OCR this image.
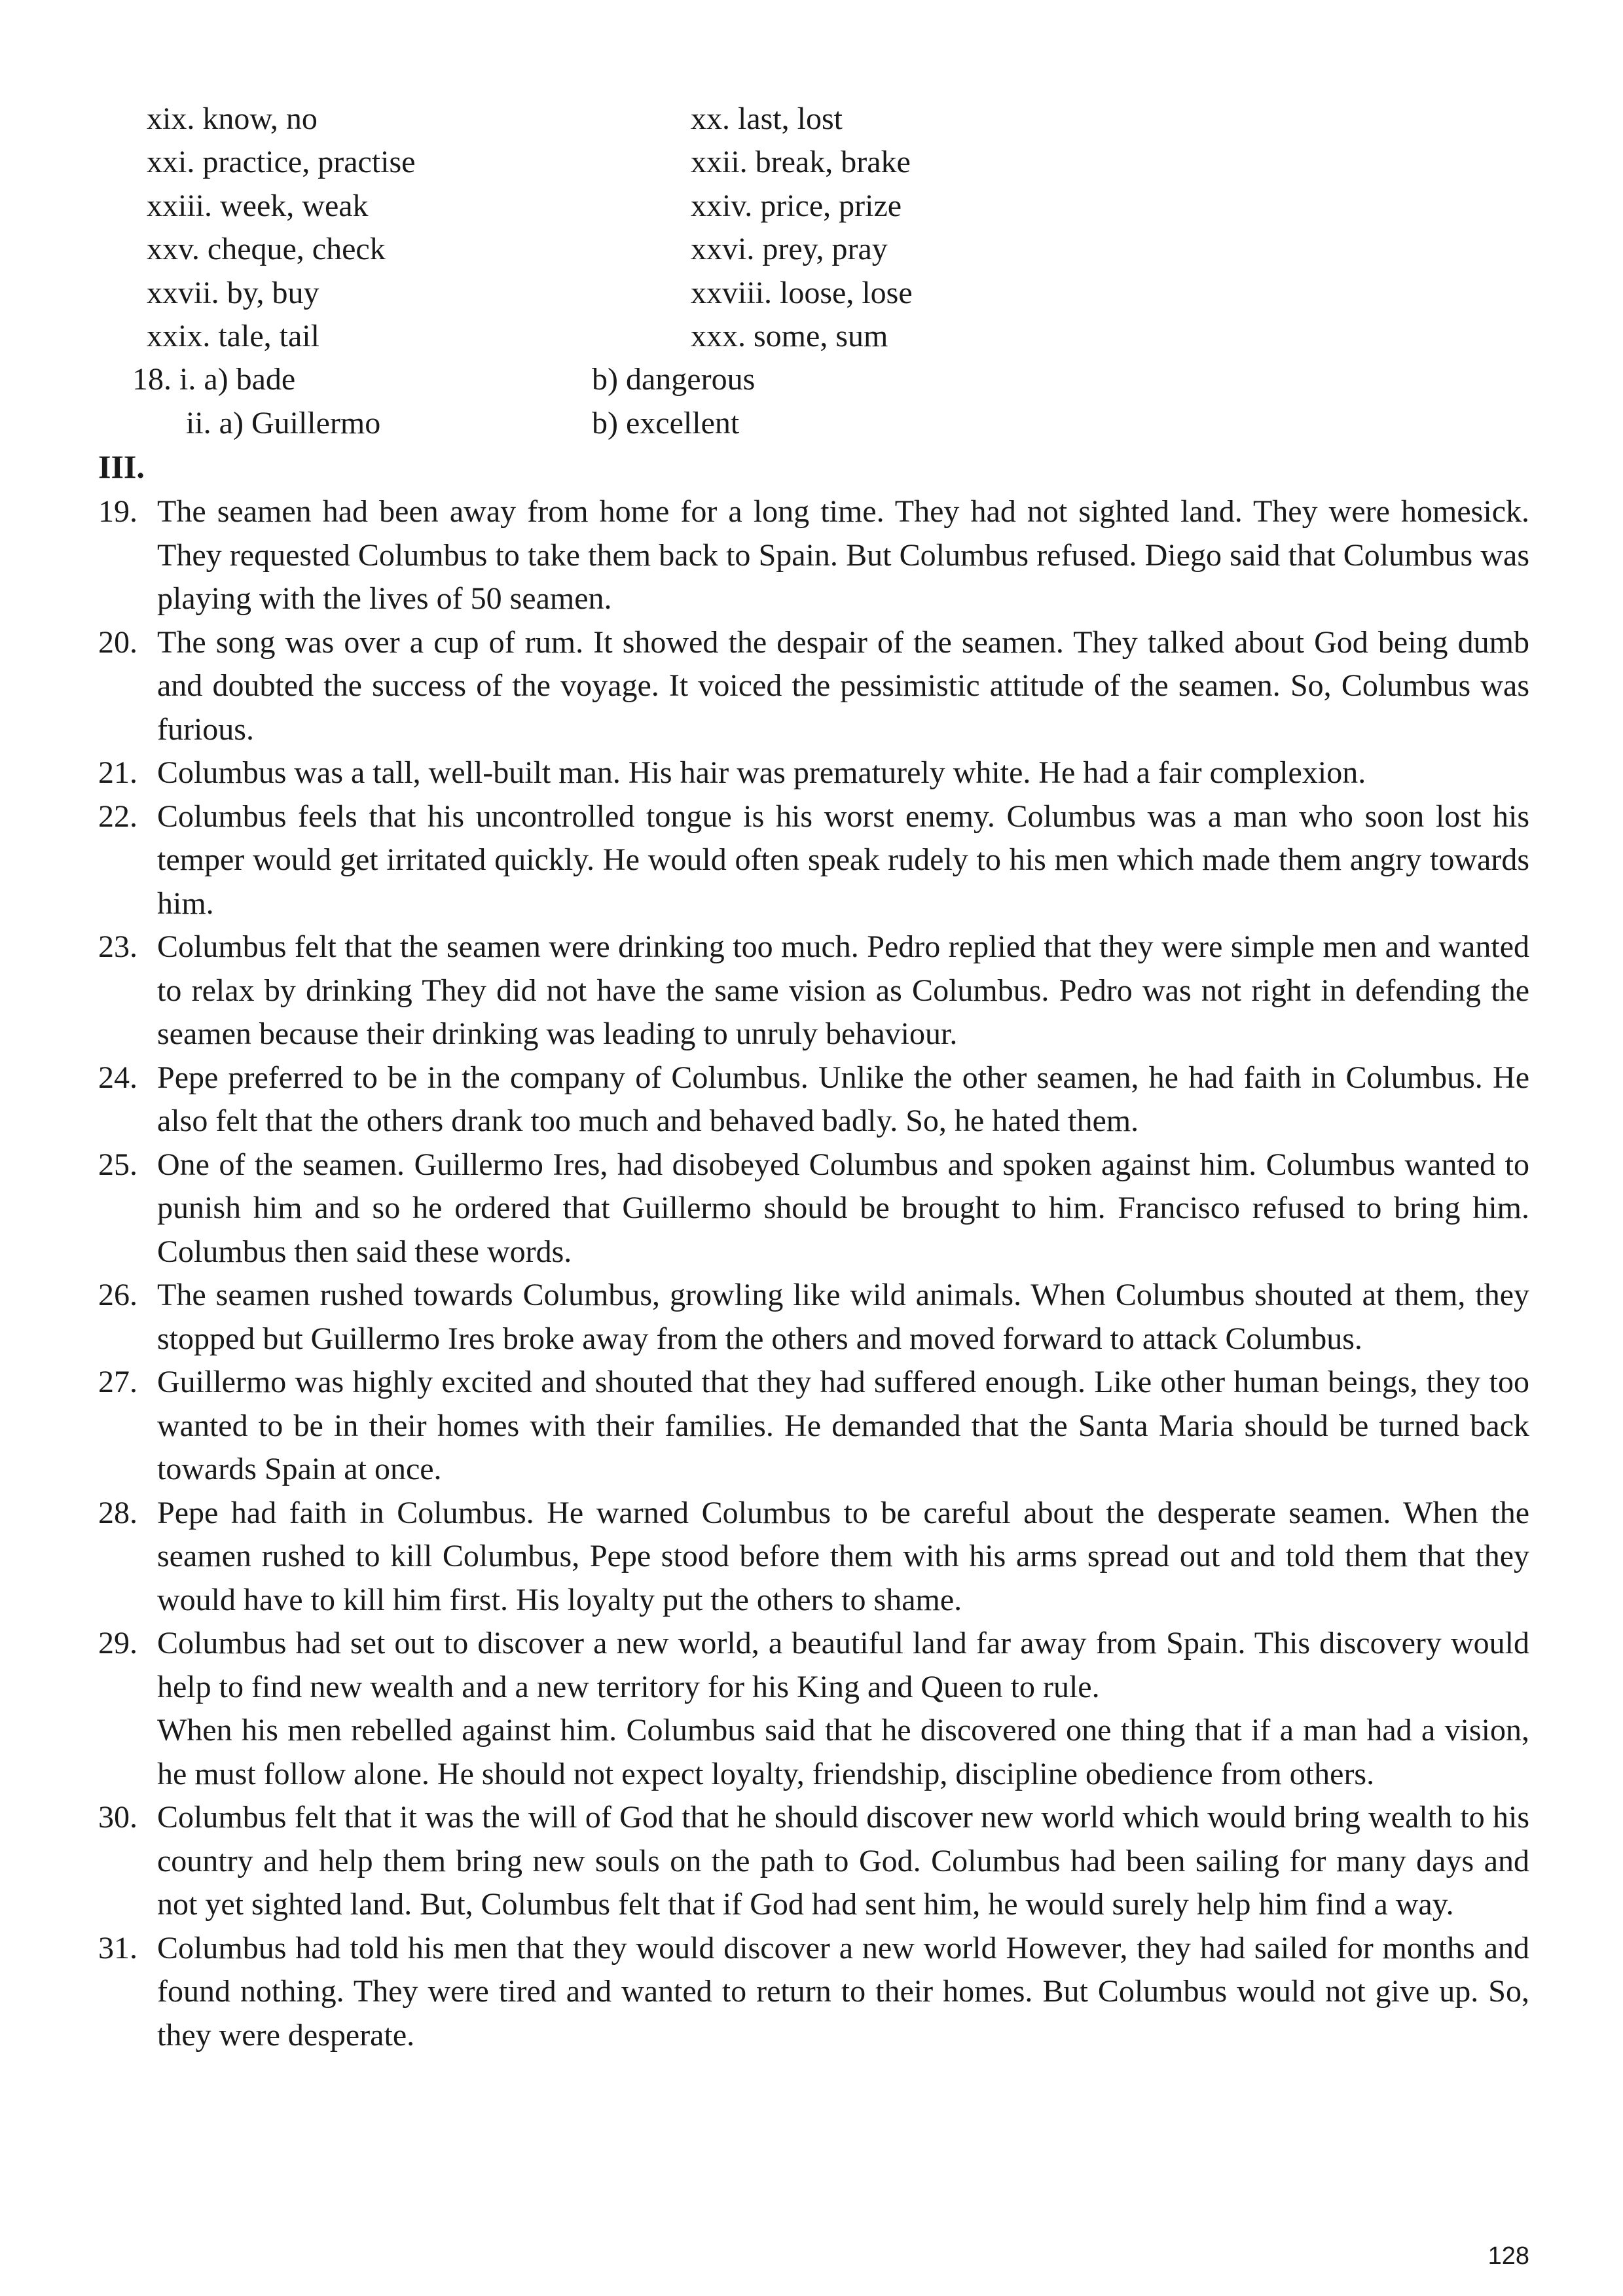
xix. know, no	xx. last, lost
xxi. practice, practise	xxii. break, brake
xxiii. week, weak	xxiv. price, prize
xxv. cheque, check	xxvi. prey, pray
xxvii. by, buy	xxviii. loose, lose
xxix. tale, tail	xxx. some, sum
18. i. a) bade	b) dangerous
ii. a) Guillermo	b) excellent
III.
19. The seamen had been away from home for a long time. They had not sighted land. They were homesick. They requested Columbus to take them back to Spain. But Columbus refused. Diego said that Columbus was playing with the lives of 50 seamen.
20. The song was over a cup of rum. It showed the despair of the seamen. They talked about God being dumb and doubted the success of the voyage. It voiced the pessimistic attitude of the seamen. So, Columbus was furious.
21. Columbus was a tall, well-built man. His hair was prematurely white. He had a fair complexion.
22. Columbus feels that his uncontrolled tongue is his worst enemy. Columbus was a man who soon lost his temper would get irritated quickly. He would often speak rudely to his men which made them angry towards him.
23. Columbus felt that the seamen were drinking too much. Pedro replied that they were simple men and wanted to relax by drinking They did not have the same vision as Columbus. Pedro was not right in defending the seamen because their drinking was leading to unruly behaviour.
24. Pepe preferred to be in the company of Columbus. Unlike the other seamen, he had faith in Columbus. He also felt that the others drank too much and behaved badly. So, he hated them.
25. One of the seamen. Guillermo Ires, had disobeyed Columbus and spoken against him. Columbus wanted to punish him and so he ordered that Guillermo should be brought to him. Francisco refused to bring him. Columbus then said these words.
26. The seamen rushed towards Columbus, growling like wild animals. When Columbus shouted at them, they stopped but Guillermo Ires broke away from the others and moved forward to attack Columbus.
27. Guillermo was highly excited and shouted that they had suffered enough. Like other human beings, they too wanted to be in their homes with their families. He demanded that the Santa Maria should be turned back towards Spain at once.
28. Pepe had faith in Columbus. He warned Columbus to be careful about the desperate seamen. When the seamen rushed to kill Columbus, Pepe stood before them with his arms spread out and told them that they would have to kill him first. His loyalty put the others to shame.
29. Columbus had set out to discover a new world, a beautiful land far away from Spain. This discovery would help to find new wealth and a new territory for his King and Queen to rule.
When his men rebelled against him. Columbus said that he discovered one thing that if a man had a vision, he must follow alone. He should not expect loyalty, friendship, discipline obedience from others.
30. Columbus felt that it was the will of God that he should discover new world which would bring wealth to his country and help them bring new souls on the path to God. Columbus had been sailing for many days and not yet sighted land. But, Columbus felt that if God had sent him, he would surely help him find a way.
31. Columbus had told his men that they would discover a new world However, they had sailed for months and found nothing. They were tired and wanted to return to their homes. But Columbus would not give up. So, they were desperate.
128
